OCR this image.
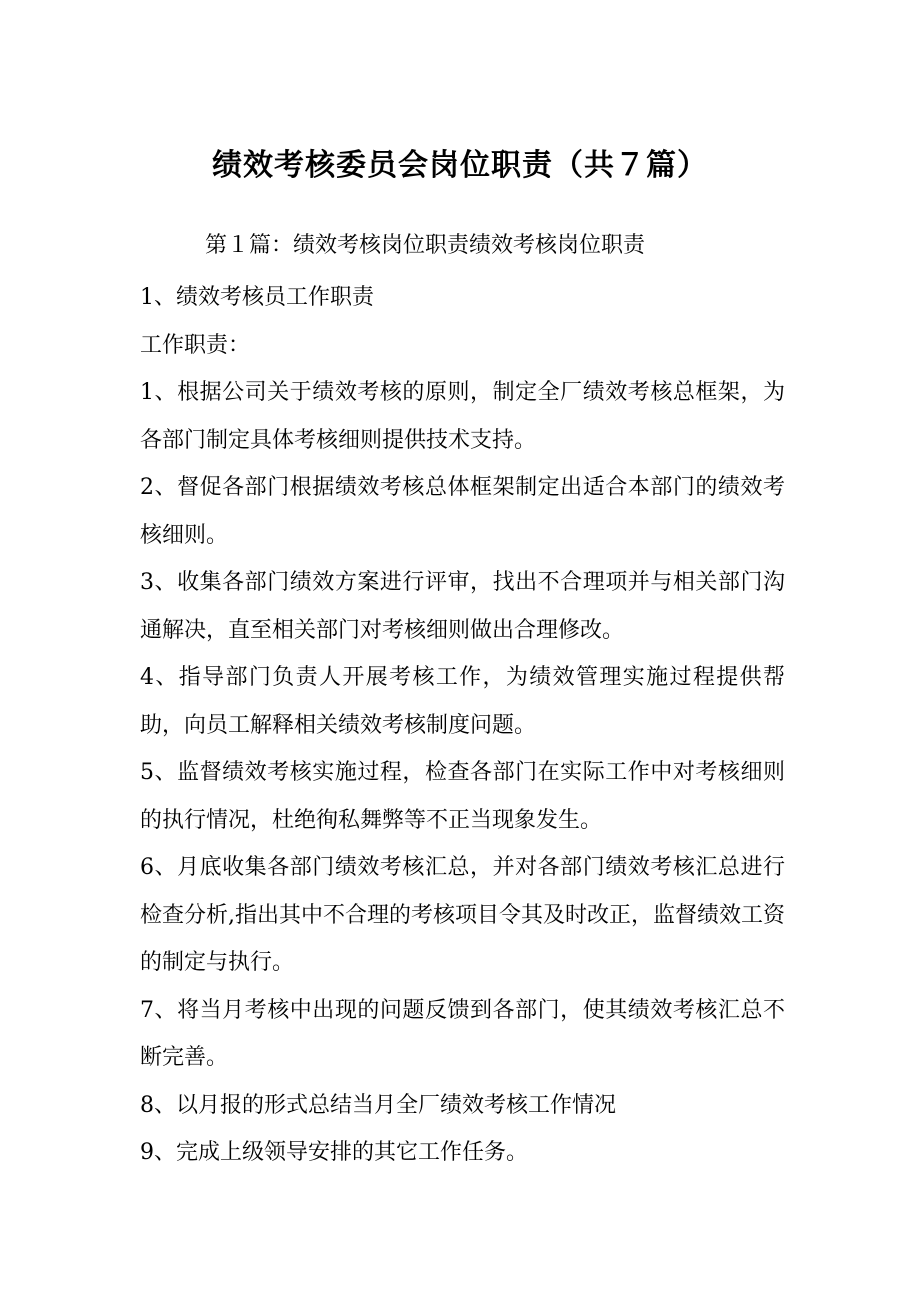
绩效考核委员会岗位职责（共７篇）
第１篇：绩效考核岗位职责绩效考核岗位职责

1、绩效考核员工作职责

工作职责：

1、根据公司关于绩效考核的原则，制定全厂绩效考核总框架，为各部门制定具体考核细则提供技术支持。

2、督促各部门根据绩效考核总体框架制定出适合本部门的绩效考核细则。

3、收集各部门绩效方案进行评审，找出不合理项并与相关部门沟通解决，直至相关部门对考核细则做出合理修改。

4、指导部门负责人开展考核工作，为绩效管理实施过程提供帮助，向员工解释相关绩效考核制度问题。

5、监督绩效考核实施过程，检查各部门在实际工作中对考核细则的执行情况，杜绝徇私舞弊等不正当现象发生。

6、月底收集各部门绩效考核汇总，并对各部门绩效考核汇总进行检查分析,指出其中不合理的考核项目令其及时改正，监督绩效工资的制定与执行。

7、将当月考核中出现的问题反馈到各部门，使其绩效考核汇总不断完善。

8、以月报的形式总结当月全厂绩效考核工作情况

9、完成上级领导安排的其它工作任务。
